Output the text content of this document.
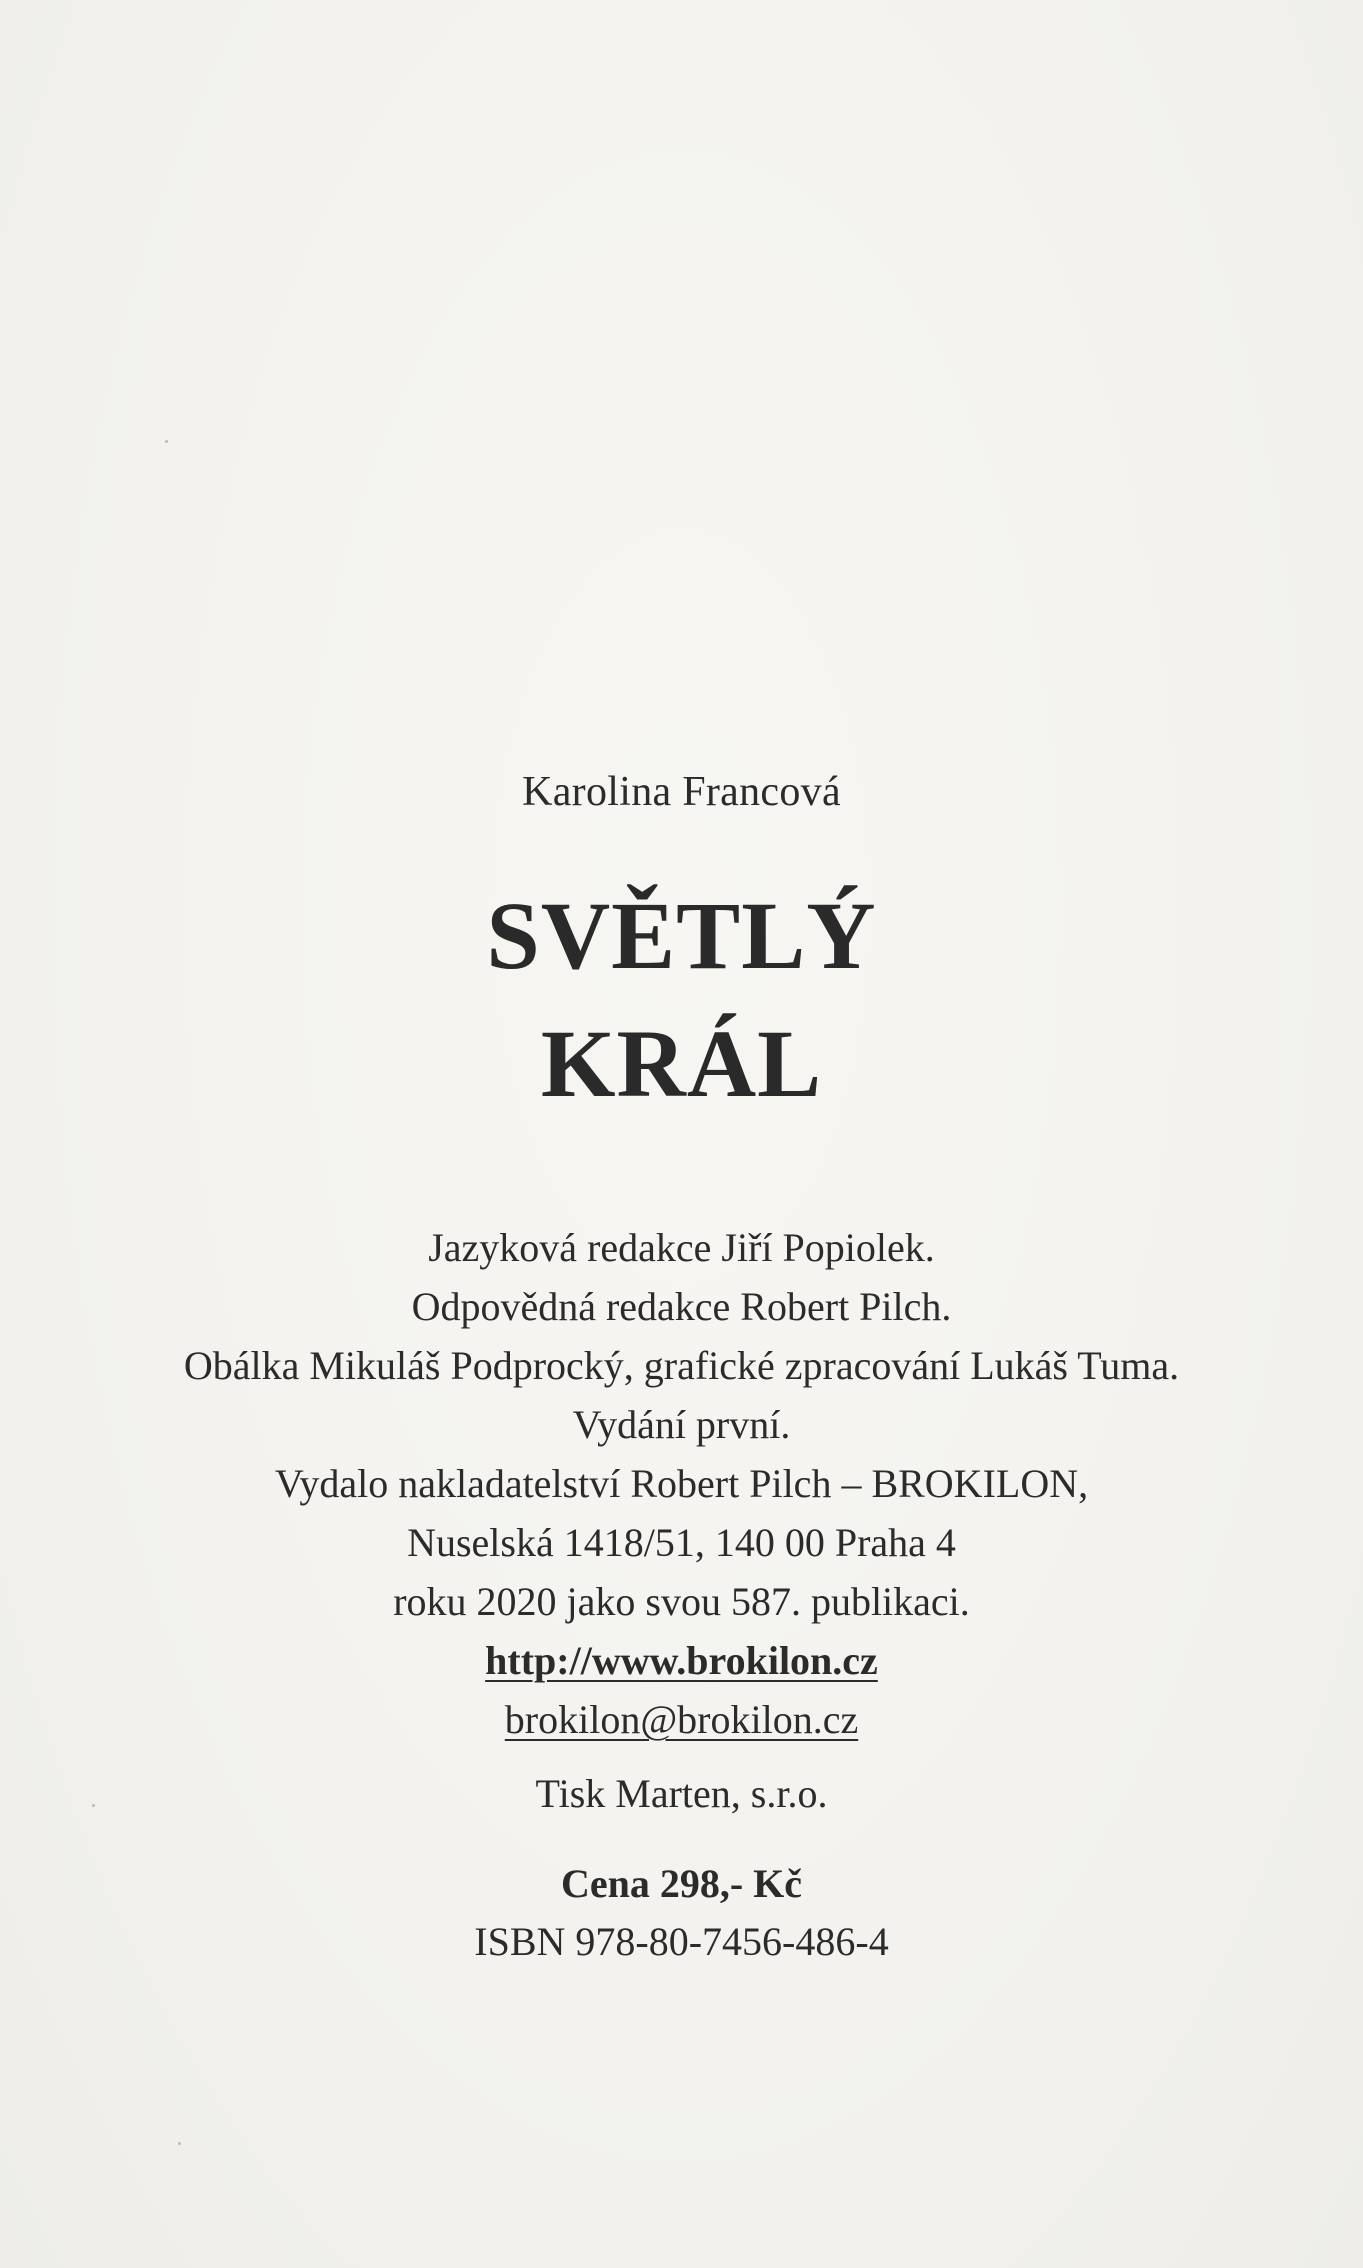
Karolina Francová
SVĚTLÝ
KRÁL
Jazyková redakce Jiří Popiolek.
Odpovědná redakce Robert Pilch.
Obálka Mikuláš Podprocký, grafické zpracování Lukáš Tuma.
Vydání první.
Vydalo nakladatelství Robert Pilch – BROKILON,
Nuselská 1418/51, 140 00 Praha 4
roku 2020 jako svou 587. publikaci.
http://www.brokilon.cz
brokilon@brokilon.cz
Tisk Marten, s.r.o.
Cena 298,- Kč
ISBN 978-80-7456-486-4
